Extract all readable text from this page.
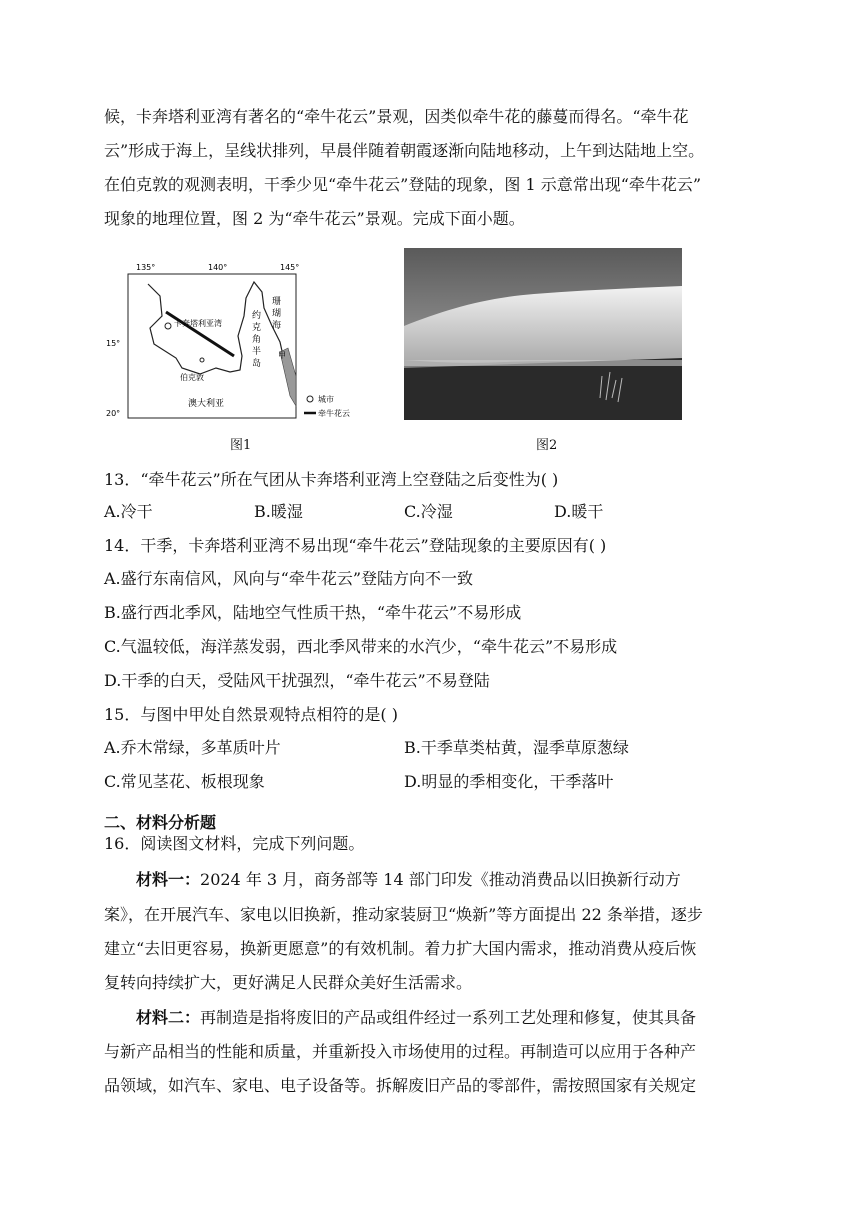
候，卡奔塔利亚湾有著名的“牵牛花云”景观，因类似牵牛花的藤蔓而得名。“牵牛花
云”形成于海上，呈线状排列，早晨伴随着朝霞逐渐向陆地移动，上午到达陆地上空。
在伯克敦的观测表明，干季少见“牵牛花云”登陆的现象，图 1 示意常出现“牵牛花云”
现象的地理位置，图 2 为“牵牛花云”景观。完成下面小题。
135°	140°	145°
15°
20°
卡奔塔利亚湾
伯克敦
澳大利亚
约
克
角
半
岛
珊
瑚
海
甲
城市
牵牛花云
图1	图2
13．“牵牛花云”所在气团从卡奔塔利亚湾上空登陆之后变性为( )
A.冷干	B.暖湿	C.冷湿	D.暖干
14．干季，卡奔塔利亚湾不易出现“牵牛花云”登陆现象的主要原因有( )
A.盛行东南信风，风向与“牵牛花云”登陆方向不一致
B.盛行西北季风，陆地空气性质干热，“牵牛花云”不易形成
C.气温较低，海洋蒸发弱，西北季风带来的水汽少，“牵牛花云”不易形成
D.干季的白天，受陆风干扰强烈，“牵牛花云”不易登陆
15．与图中甲处自然景观特点相符的是( )
A.乔木常绿，多革质叶片	B.干季草类枯黄，湿季草原葱绿
C.常见茎花、板根现象	D.明显的季相变化，干季落叶
二、材料分析题
16．阅读图文材料，完成下列问题。
材料一：2024 年 3 月，商务部等 14 部门印发《推动消费品以旧换新行动方
案》，在开展汽车、家电以旧换新，推动家装厨卫“焕新”等方面提出 22 条举措，逐步
建立“去旧更容易，换新更愿意”的有效机制。着力扩大国内需求，推动消费从疫后恢
复转向持续扩大，更好满足人民群众美好生活需求。
材料二：再制造是指将废旧的产品或组件经过一系列工艺处理和修复，使其具备
与新产品相当的性能和质量，并重新投入市场使用的过程。再制造可以应用于各种产
品领域，如汽车、家电、电子设备等。拆解废旧产品的零部件，需按照国家有关规定
